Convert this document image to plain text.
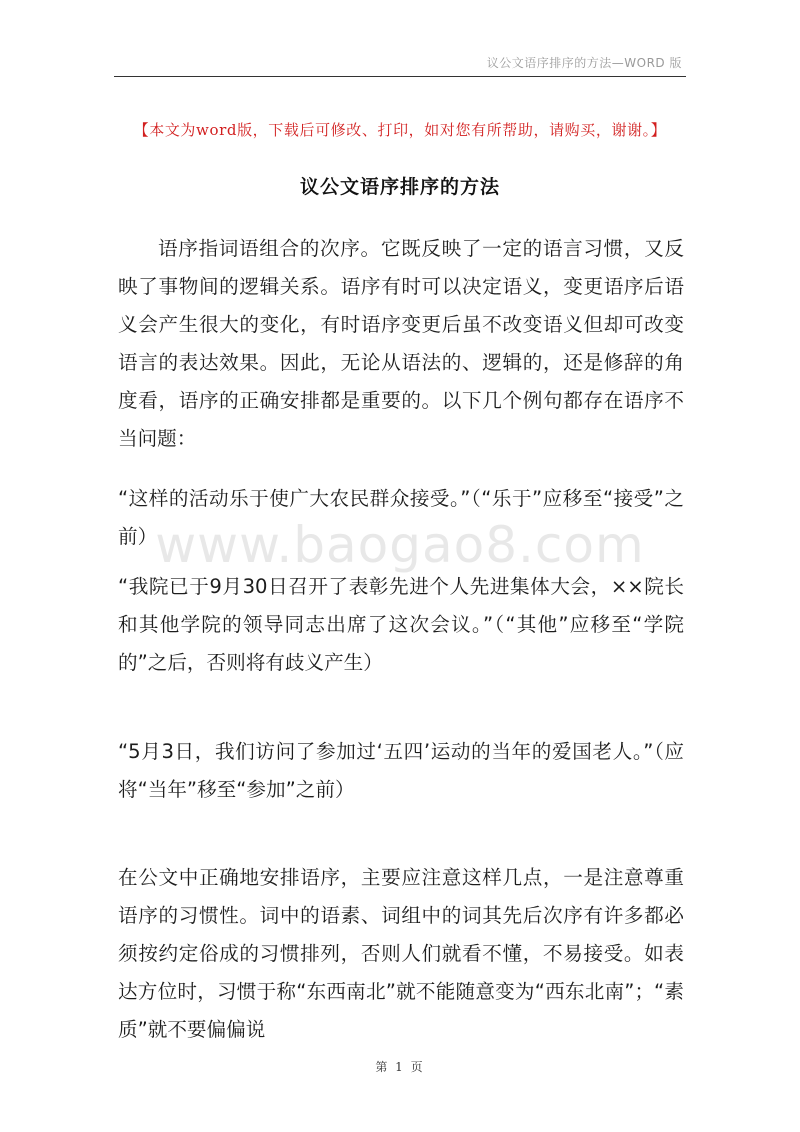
议公文语序排序的方法—WORD 版
【本文为word版，下载后可修改、打印，如对您有所帮助，请购买，谢谢。】
议公文语序排序的方法
www.baogao8.com
语序指词语组合的次序。它既反映了一定的语言习惯，又反映了事物间的逻辑关系。语序有时可以决定语义，变更语序后语义会产生很大的变化，有时语序变更后虽不改变语义但却可改变语言的表达效果。因此，无论从语法的、逻辑的，还是修辞的角度看，语序的正确安排都是重要的。以下几个例句都存在语序不当问题：
“这样的活动乐于使广大农民群众接受。”（“乐于”应移至“接受”之前）
“我院已于9月30日召开了表彰先进个人先进集体大会，××院长和其他学院的领导同志出席了这次会议。”（“其他”应移至“学院的”之后，否则将有歧义产生）
“5月3日，我们访问了参加过‘五四’运动的当年的爱国老人。”（应将“当年”移至“参加”之前）
在公文中正确地安排语序，主要应注意这样几点，一是注意尊重语序的习惯性。词中的语素、词组中的词其先后次序有许多都必须按约定俗成的习惯排列，否则人们就看不懂，不易接受。如表达方位时，习惯于称“东西南北”就不能随意变为“西东北南”；“素质”就不要偏偏说
第 1 页
